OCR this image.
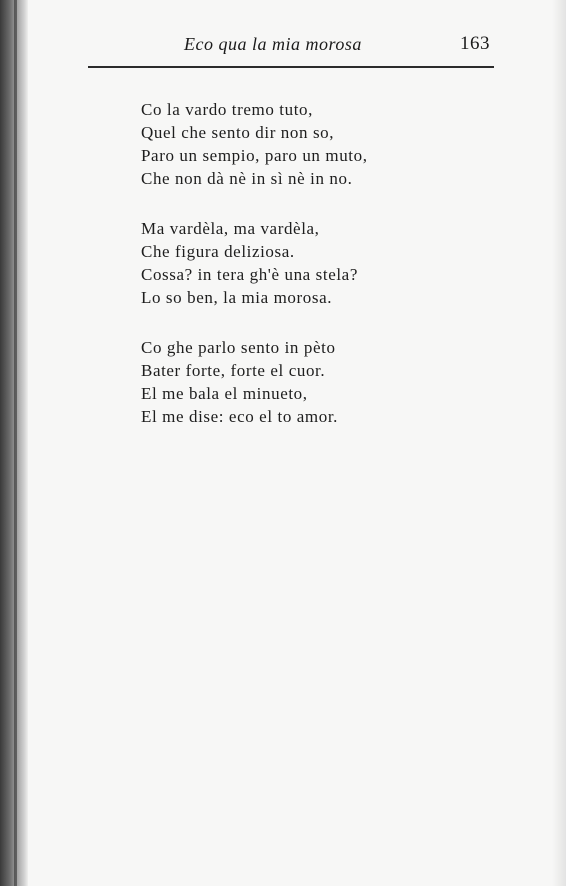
Eco qua la mia morosa	163
Co la vardo tremo tuto,
Quel che sento dir non so,
Paro un sempio, paro un muto,
Che non dà nè in sì nè in no.
Ma vardèla, ma vardèla,
Che figura deliziosa.
Cossa? in tera gh'è una stela?
Lo so ben, la mia morosa.
Co ghe parlo sento in pèto
Bater forte, forte el cuor.
El me bala el minueto,
El me dise: eco el to amor.
